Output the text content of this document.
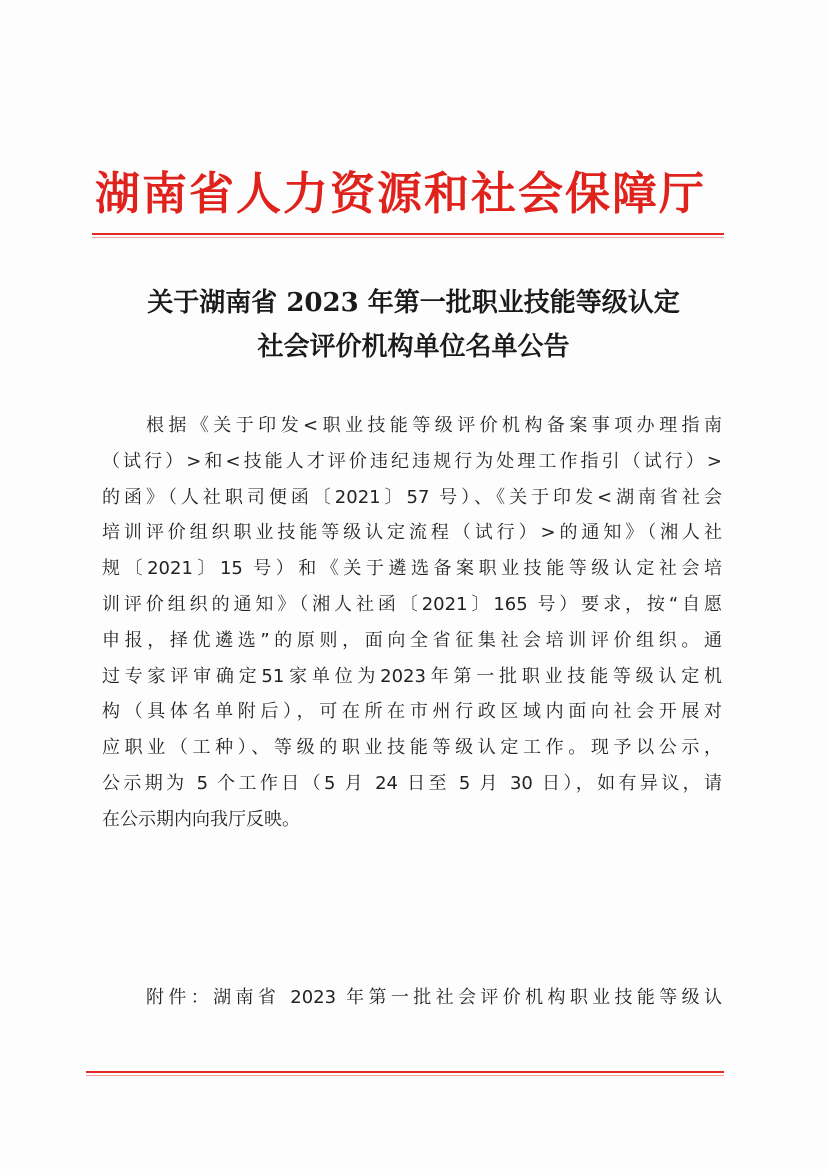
湖南省人力资源和社会保障厅
关于湖南省 2023 年第一批职业技能等级认定
社会评价机构单位名单公告
根据《关于印发<职业技能等级评价机构备案事项办理指南
（试行）>和<技能人才评价违纪违规行为处理工作指引（试行）>
的函》（人社职司便函〔2021〕57 号）、《关于印发<湖南省社会
培训评价组织职业技能等级认定流程（试行）>的通知》（湘人社
规〔2021〕15 号）和《关于遴选备案职业技能等级认定社会培
训评价组织的通知》（湘人社函〔2021〕165 号）要求，按“自愿
申报，择优遴选”的原则，面向全省征集社会培训评价组织。通
过专家评审确定51家单位为2023年第一批职业技能等级认定机
构（具体名单附后），可在所在市州行政区域内面向社会开展对
应职业（工种）、等级的职业技能等级认定工作。现予以公示，
公示期为 5 个工作日（5 月 24 日至 5 月 30 日），如有异议，请
在公示期内向我厅反映。
附件：湖南省 2023 年第一批社会评价机构职业技能等级认
